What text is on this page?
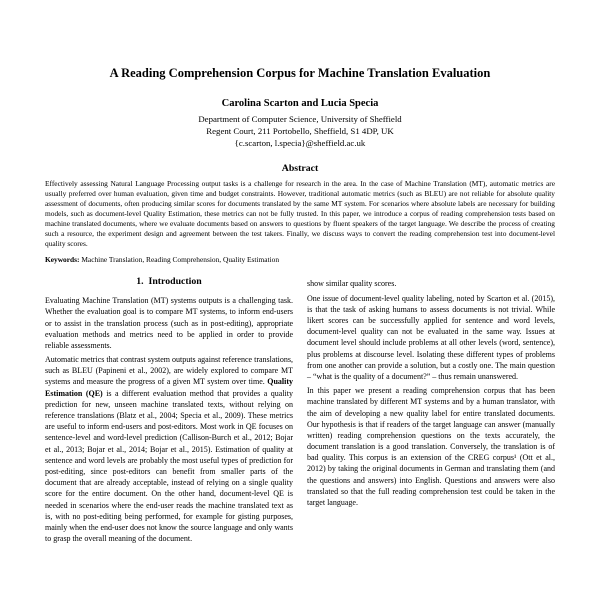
A Reading Comprehension Corpus for Machine Translation Evaluation
Carolina Scarton and Lucia Specia
Department of Computer Science, University of Sheffield
Regent Court, 211 Portobello, Sheffield, S1 4DP, UK
{c.scarton, l.specia}@sheffield.ac.uk
Abstract

Effectively assessing Natural Language Processing output tasks is a challenge for research in the area. In the case of Machine Translation (MT), automatic metrics are usually preferred over human evaluation, given time and budget constraints. However, traditional automatic metrics (such as BLEU) are not reliable for absolute quality assessment of documents, often producing similar scores for documents translated by the same MT system. For scenarios where absolute labels are necessary for building models, such as document-level Quality Estimation, these metrics can not be fully trusted. In this paper, we introduce a corpus of reading comprehension tests based on machine translated documents, where we evaluate documents based on answers to questions by fluent speakers of the target language. We describe the process of creating such a resource, the experiment design and agreement between the test takers. Finally, we discuss ways to convert the reading comprehension test into document-level quality scores.

Keywords: Machine Translation, Reading Comprehension, Quality Estimation

1.  Introduction

Evaluating Machine Translation (MT) systems outputs is a challenging task. Whether the evaluation goal is to compare MT systems, to inform end-users or to assist in the translation process (such as in post-editing), appropriate evaluation methods and metrics need to be applied in order to provide reliable assessments.

Automatic metrics that contrast system outputs against reference translations, such as BLEU (Papineni et al., 2002), are widely explored to compare MT systems and measure the progress of a given MT system over time. Quality Estimation (QE) is a different evaluation method that provides a quality prediction for new, unseen machine translated texts, without relying on reference translations (Blatz et al., 2004; Specia et al., 2009). These metrics are useful to inform end-users and post-editors. Most work in QE focuses on sentence-level and word-level prediction (Callison-Burch et al., 2012; Bojar et al., 2013; Bojar et al., 2014; Bojar et al., 2015). Estimation of quality at sentence and word levels are probably the most useful types of prediction for post-editing, since post-editors can benefit from smaller parts of the document that are already acceptable, instead of relying on a single quality score for the entire document. On the other hand, document-level QE is needed in scenarios where the end-user reads the machine translated text as is, with no post-editing being performed, for example for gisting purposes, mainly when the end-user does not know the source language and only wants to grasp the overall meaning of the document.

show similar quality scores.

One issue of document-level quality labeling, noted by Scarton et al. (2015), is that the task of asking humans to assess documents is not trivial. While likert scores can be successfully applied for sentence and word levels, document-level quality can not be evaluated in the same way. Issues at document level should include problems at all other levels (word, sentence), plus problems at discourse level. Isolating these different types of problems from one another can provide a solution, but a costly one. The main question – “what is the quality of a document?” – thus remain unanswered.

In this paper we present a reading comprehension corpus that has been machine translated by different MT systems and by a human translator, with the aim of developing a new quality label for entire translated documents. Our hypothesis is that if readers of the target language can answer (manually written) reading comprehension questions on the texts accurately, the document translation is a good translation. Conversely, the translation is of bad quality. This corpus is an extension of the CREG corpus¹ (Ott et al., 2012) by taking the original documents in German and translating them (and the questions and answers) into English. Questions and answers were also translated so that the full reading comprehension test could be taken in the target language.
